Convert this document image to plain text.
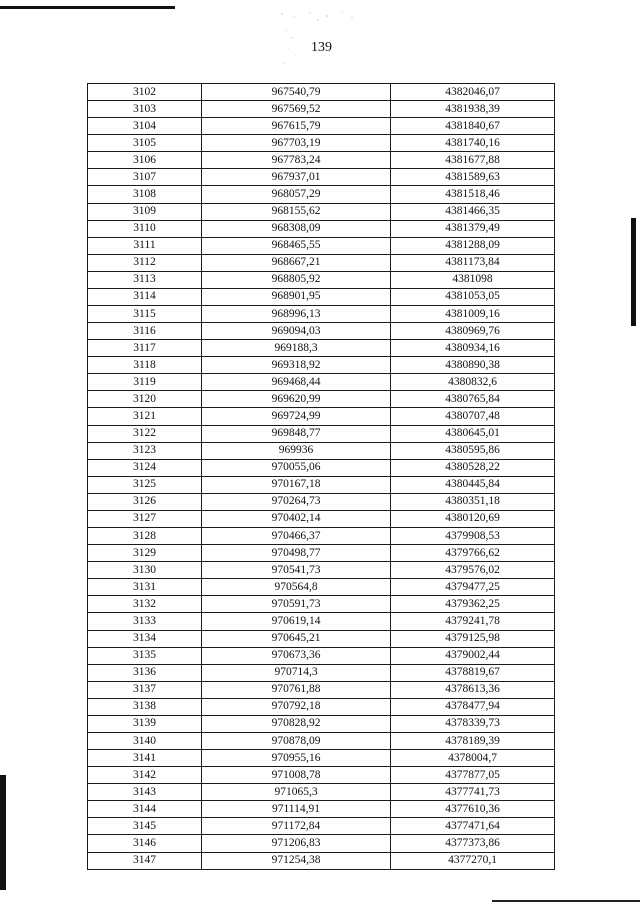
139
3102	967540,79	4382046,07
3103	967569,52	4381938,39
3104	967615,79	4381840,67
3105	967703,19	4381740,16
3106	967783,24	4381677,88
3107	967937,01	4381589,63
3108	968057,29	4381518,46
3109	968155,62	4381466,35
3110	968308,09	4381379,49
3111	968465,55	4381288,09
3112	968667,21	4381173,84
3113	968805,92	4381098
3114	968901,95	4381053,05
3115	968996,13	4381009,16
3116	969094,03	4380969,76
3117	969188,3	4380934,16
3118	969318,92	4380890,38
3119	969468,44	4380832,6
3120	969620,99	4380765,84
3121	969724,99	4380707,48
3122	969848,77	4380645,01
3123	969936	4380595,86
3124	970055,06	4380528,22
3125	970167,18	4380445,84
3126	970264,73	4380351,18
3127	970402,14	4380120,69
3128	970466,37	4379908,53
3129	970498,77	4379766,62
3130	970541,73	4379576,02
3131	970564,8	4379477,25
3132	970591,73	4379362,25
3133	970619,14	4379241,78
3134	970645,21	4379125,98
3135	970673,36	4379002,44
3136	970714,3	4378819,67
3137	970761,88	4378613,36
3138	970792,18	4378477,94
3139	970828,92	4378339,73
3140	970878,09	4378189,39
3141	970955,16	4378004,7
3142	971008,78	4377877,05
3143	971065,3	4377741,73
3144	971114,91	4377610,36
3145	971172,84	4377471,64
3146	971206,83	4377373,86
3147	971254,38	4377270,1
